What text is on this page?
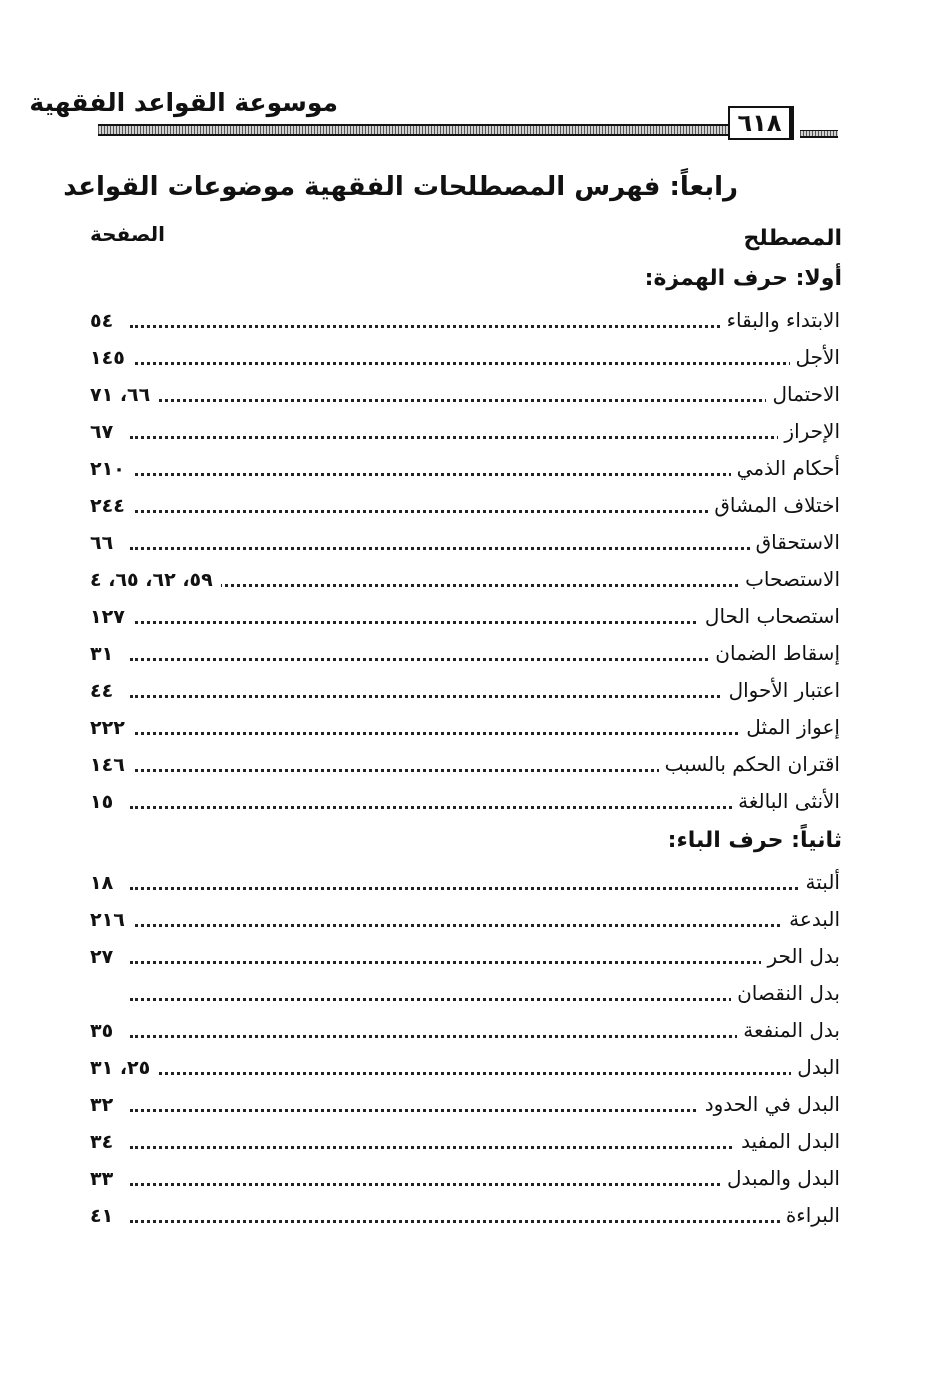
موسوعة القواعد الفقهية
٦١٨
رابعاً: فهرس المصطلحات الفقهية موضوعات القواعد
المصطلح
الصفحة
أولا: حرف الهمزة:
الابتداء والبقاء
٥٤
الأجل
١٤٥
الاحتمال
٦٦، ٧١
الإحراز
٦٧
أحكام الذمي
٢١٠
اختلاف المشاق
٢٤٤
الاستحقاق
٦٦
الاستصحاب
٥٩، ٦٢، ٦٥، ٤
استصحاب الحال
١٢٧
إسقاط الضمان
٣١
اعتبار الأحوال
٤٤
إعواز المثل
٢٢٢
اقتران الحكم بالسبب
١٤٦
الأنثى البالغة
١٥
ثانياً: حرف الباء:
ألبتة
١٨
البدعة
٢١٦
بدل الحر
٢٧
بدل النقصان
بدل المنفعة
٣٥
البدل
٢٥، ٣١
البدل في الحدود
٣٢
البدل المفيد
٣٤
البدل والمبدل
٣٣
البراءة
٤١
